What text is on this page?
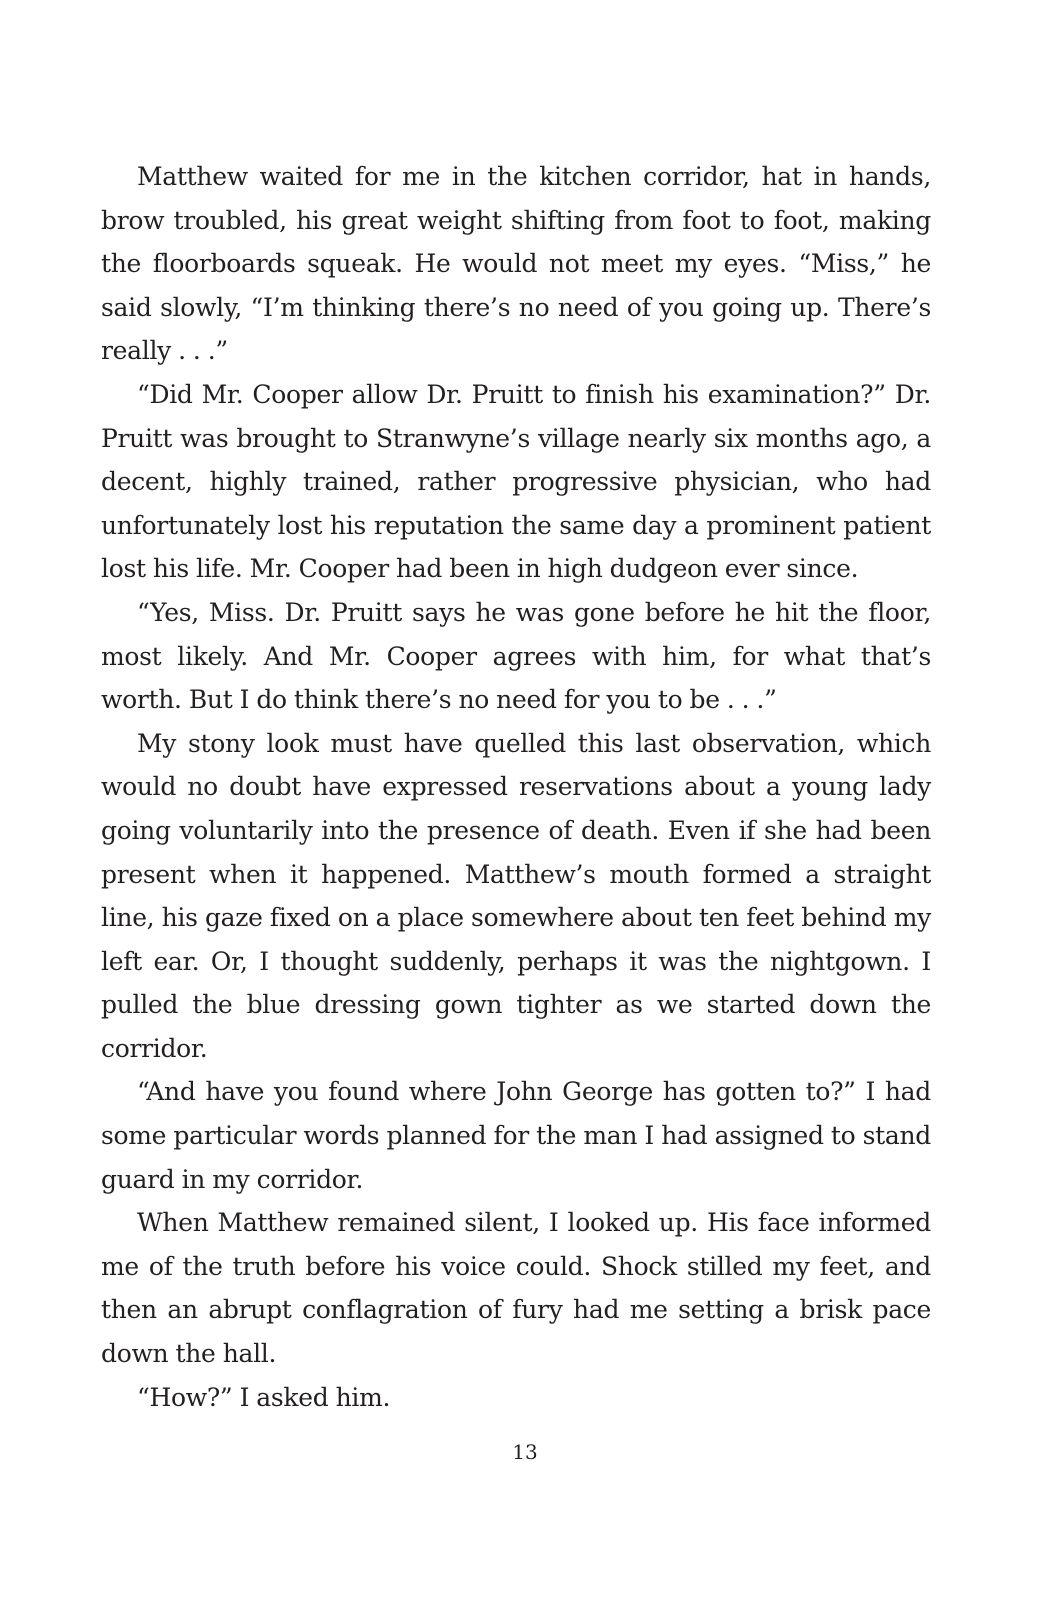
Matthew waited for me in the kitchen corridor, hat in hands, brow troubled, his great weight shifting from foot to foot, making the floorboards squeak. He would not meet my eyes. “Miss,” he said slowly, “I’m thinking there’s no need of you going up. There’s really . . .”

“Did Mr. Cooper allow Dr. Pruitt to finish his examination?” Dr. Pruitt was brought to Stranwyne’s village nearly six months ago, a decent, highly trained, rather progressive physician, who had unfortunately lost his reputation the same day a prominent patient lost his life. Mr. Cooper had been in high dudgeon ever since.

“Yes, Miss. Dr. Pruitt says he was gone before he hit the floor, most likely. And Mr. Cooper agrees with him, for what that’s worth. But I do think there’s no need for you to be . . .”

My stony look must have quelled this last observation, which would no doubt have expressed reservations about a young lady going voluntarily into the presence of death. Even if she had been present when it happened. Matthew’s mouth formed a straight line, his gaze fixed on a place somewhere about ten feet behind my left ear. Or, I thought suddenly, perhaps it was the nightgown. I pulled the blue dressing gown tighter as we started down the corridor.

“And have you found where John George has gotten to?” I had some particular words planned for the man I had assigned to stand guard in my corridor.

When Matthew remained silent, I looked up. His face informed me of the truth before his voice could. Shock stilled my feet, and then an abrupt conflagration of fury had me setting a brisk pace down the hall.

“How?” I asked him.

13
